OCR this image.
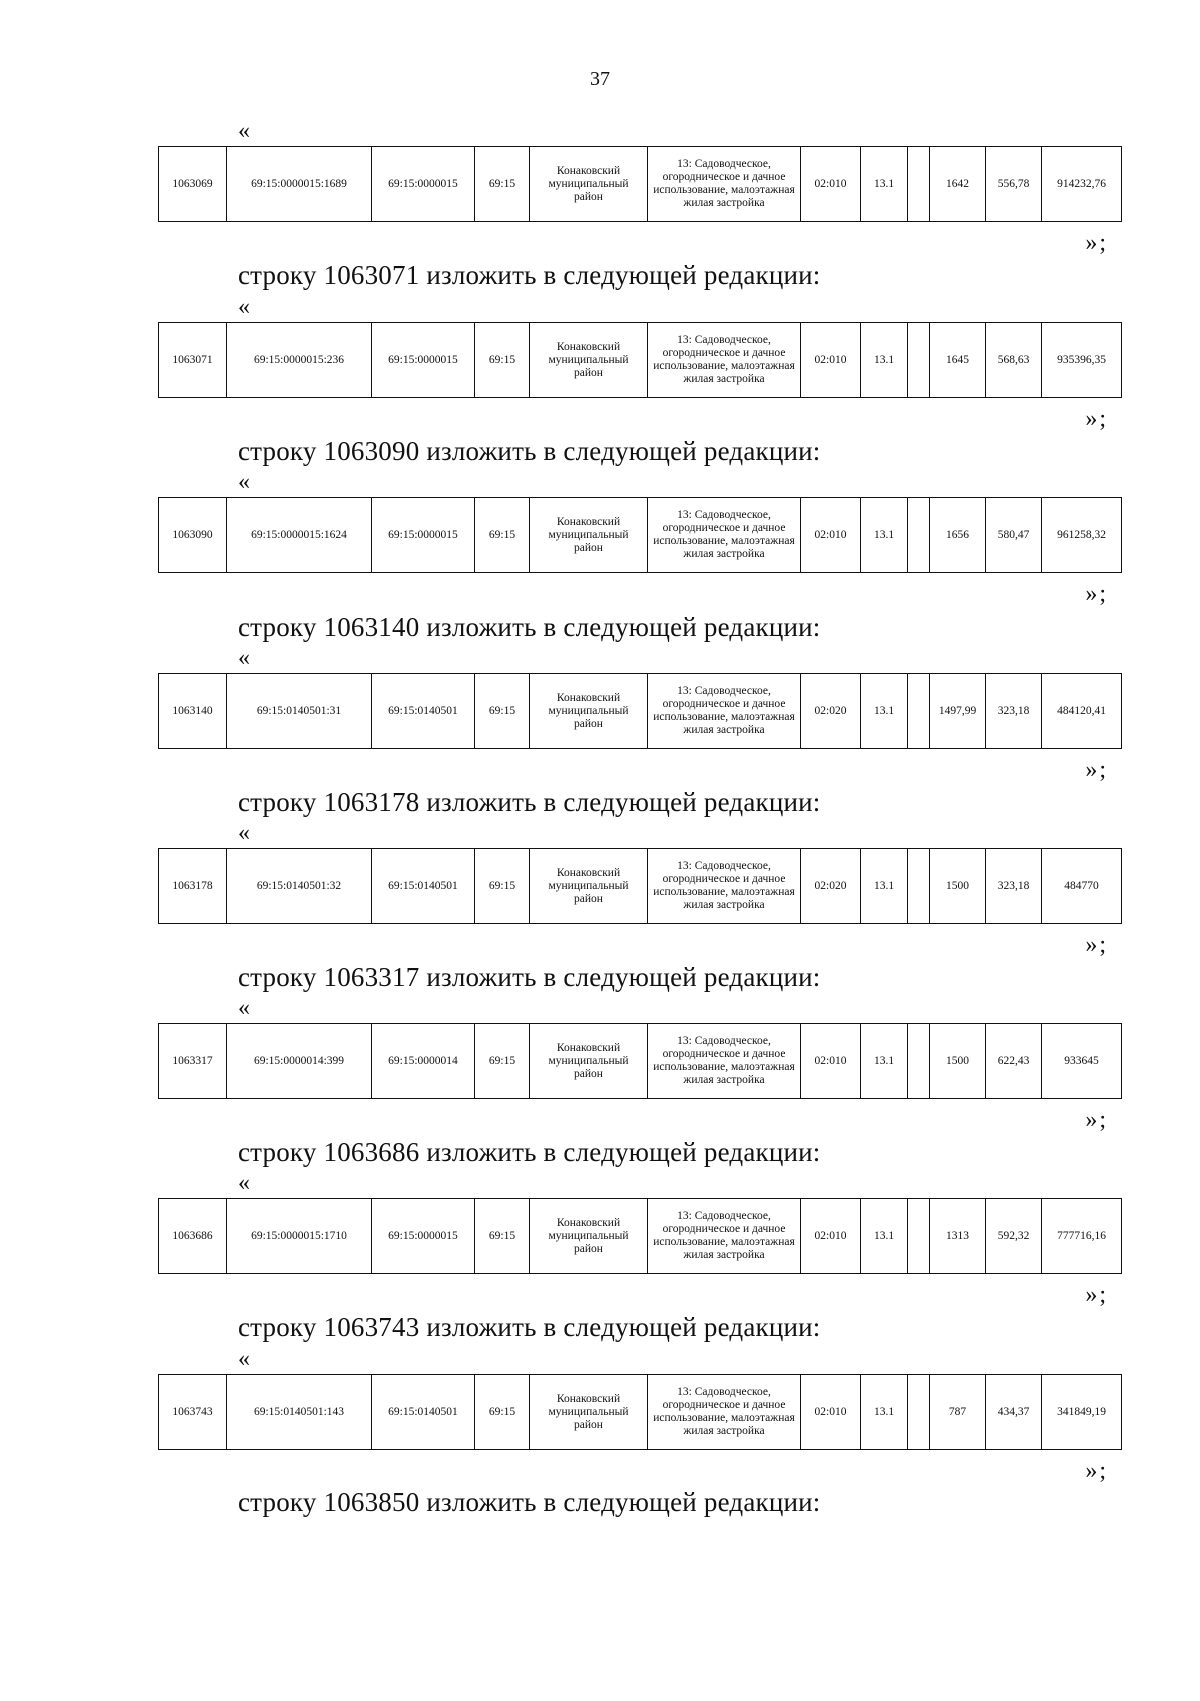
37
«
1063069	69:15:0000015:1689	69:15:0000015	69:15	Конаковский муниципальный район	13: Садоводческое, огородническое и дачное использование, малоэтажная жилая застройка	02:010	13.1		1642	556,78	914232,76
»;
строку 1063071 изложить в следующей редакции:
«
1063071	69:15:0000015:236	69:15:0000015	69:15	Конаковский муниципальный район	13: Садоводческое, огородническое и дачное использование, малоэтажная жилая застройка	02:010	13.1		1645	568,63	935396,35
»;
строку 1063090 изложить в следующей редакции:
«
1063090	69:15:0000015:1624	69:15:0000015	69:15	Конаковский муниципальный район	13: Садоводческое, огородническое и дачное использование, малоэтажная жилая застройка	02:010	13.1		1656	580,47	961258,32
»;
строку 1063140 изложить в следующей редакции:
«
1063140	69:15:0140501:31	69:15:0140501	69:15	Конаковский муниципальный район	13: Садоводческое, огородническое и дачное использование, малоэтажная жилая застройка	02:020	13.1		1497,99	323,18	484120,41
»;
строку 1063178 изложить в следующей редакции:
«
1063178	69:15:0140501:32	69:15:0140501	69:15	Конаковский муниципальный район	13: Садоводческое, огородническое и дачное использование, малоэтажная жилая застройка	02:020	13.1		1500	323,18	484770
»;
строку 1063317 изложить в следующей редакции:
«
1063317	69:15:0000014:399	69:15:0000014	69:15	Конаковский муниципальный район	13: Садоводческое, огородническое и дачное использование, малоэтажная жилая застройка	02:010	13.1		1500	622,43	933645
»;
строку 1063686 изложить в следующей редакции:
«
1063686	69:15:0000015:1710	69:15:0000015	69:15	Конаковский муниципальный район	13: Садоводческое, огородническое и дачное использование, малоэтажная жилая застройка	02:010	13.1		1313	592,32	777716,16
»;
строку 1063743 изложить в следующей редакции:
«
1063743	69:15:0140501:143	69:15:0140501	69:15	Конаковский муниципальный район	13: Садоводческое, огородническое и дачное использование, малоэтажная жилая застройка	02:010	13.1		787	434,37	341849,19
»;
строку 1063850 изложить в следующей редакции:
